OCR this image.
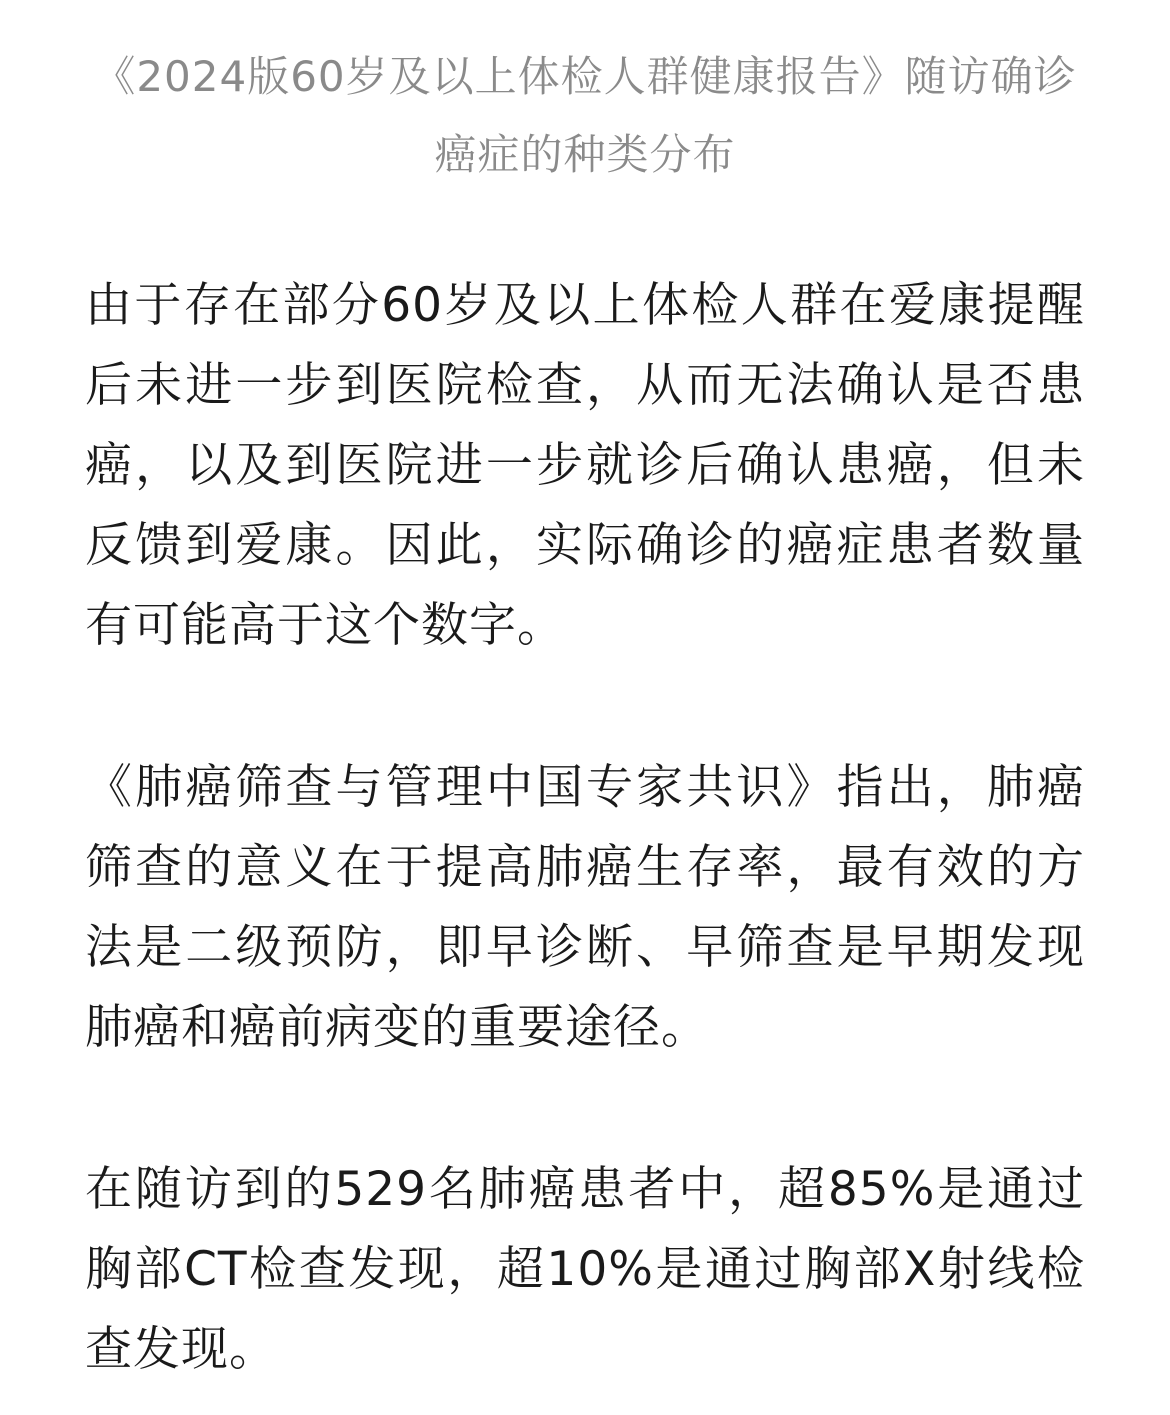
《2024版60岁及以上体检人群健康报告》随访确诊癌症的种类分布
由于存在部分60岁及以上体检人群在爱康提醒后未进一步到医院检查，从而无法确认是否患癌，以及到医院进一步就诊后确认患癌，但未反馈到爱康。因此，实际确诊的癌症患者数量有可能高于这个数字。
《肺癌筛查与管理中国专家共识》指出，肺癌筛查的意义在于提高肺癌生存率，最有效的方法是二级预防，即早诊断、早筛查是早期发现肺癌和癌前病变的重要途径。
在随访到的529名肺癌患者中，超85%是通过胸部CT检查发现，超10%是通过胸部X射线检查发现。
